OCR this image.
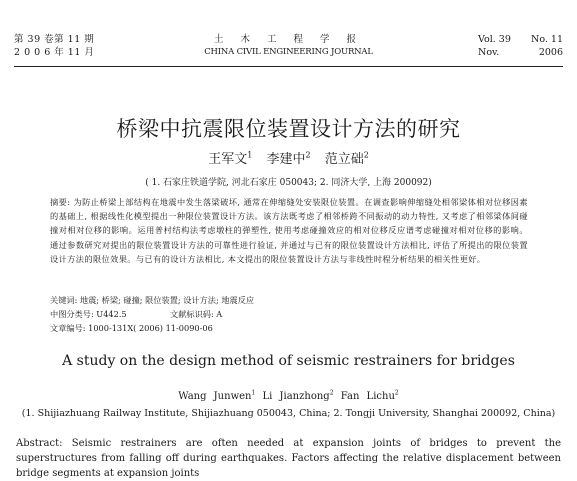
第 39 卷第 11 期
2 0 0 6 年 11 月
土 木 工 程 学 报
CHINA CIVIL ENGINEERING JOURNAL
Vol. 39 No. 11
Nov.	2006
桥梁中抗震限位装置设计方法的研究
王军文$^1$ 李建中$^2$ 范立础$^2$
( 1. 石家庄铁道学院, 河北石家庄 050043; 2. 同济大学, 上海 200092)
摘要: 为防止桥梁上部结构在地震中发生落梁破坏, 通常在伸缩缝处安装限位装置。在调查影响伸缩缝处相邻梁体相对位移因素的基础上, 根据线性化模型提出一种限位装置设计方法。该方法既考虑了相邻桥跨不同振动的动力特性, 又考虑了相邻梁体间碰撞对相对位移的影响。运用普村结构法考虑墩柱的弹塑性, 使用考虑碰撞效应的相对位移反应谱考虑碰撞对相对位移的影响。通过参数研究对提出的限位装置设计方法的可靠性进行验证, 并通过与已有的限位装置设计方法相比, 评估了所提出的限位装置设计方法的限位效果。与已有的设计方法相比, 本文提出的限位装置设计方法与非线性时程分析结果的相关性更好。
关键词: 地震; 桥梁; 碰撞; 限位装置; 设计方法; 地震反应
中图分类号: U442.5	文献标识码: A
文章编号: 1000-131X( 2006) 11-0090-06
A study on the design method of seismic restrainers for bridges
Wang Junwen$^1$ Li Jianzhong$^2$ Fan Lichu$^2$
(1. Shijiazhuang Railway Institute, Shijiazhuang 050043, China; 2. Tongji University, Shanghai 200092, China)
Abstract: Seismic restrainers are often needed at expansion joints of bridges to prevent the superstructures from falling off during earthquakes. Factors affecting the relative displacement between bridge segments at expansion joints
